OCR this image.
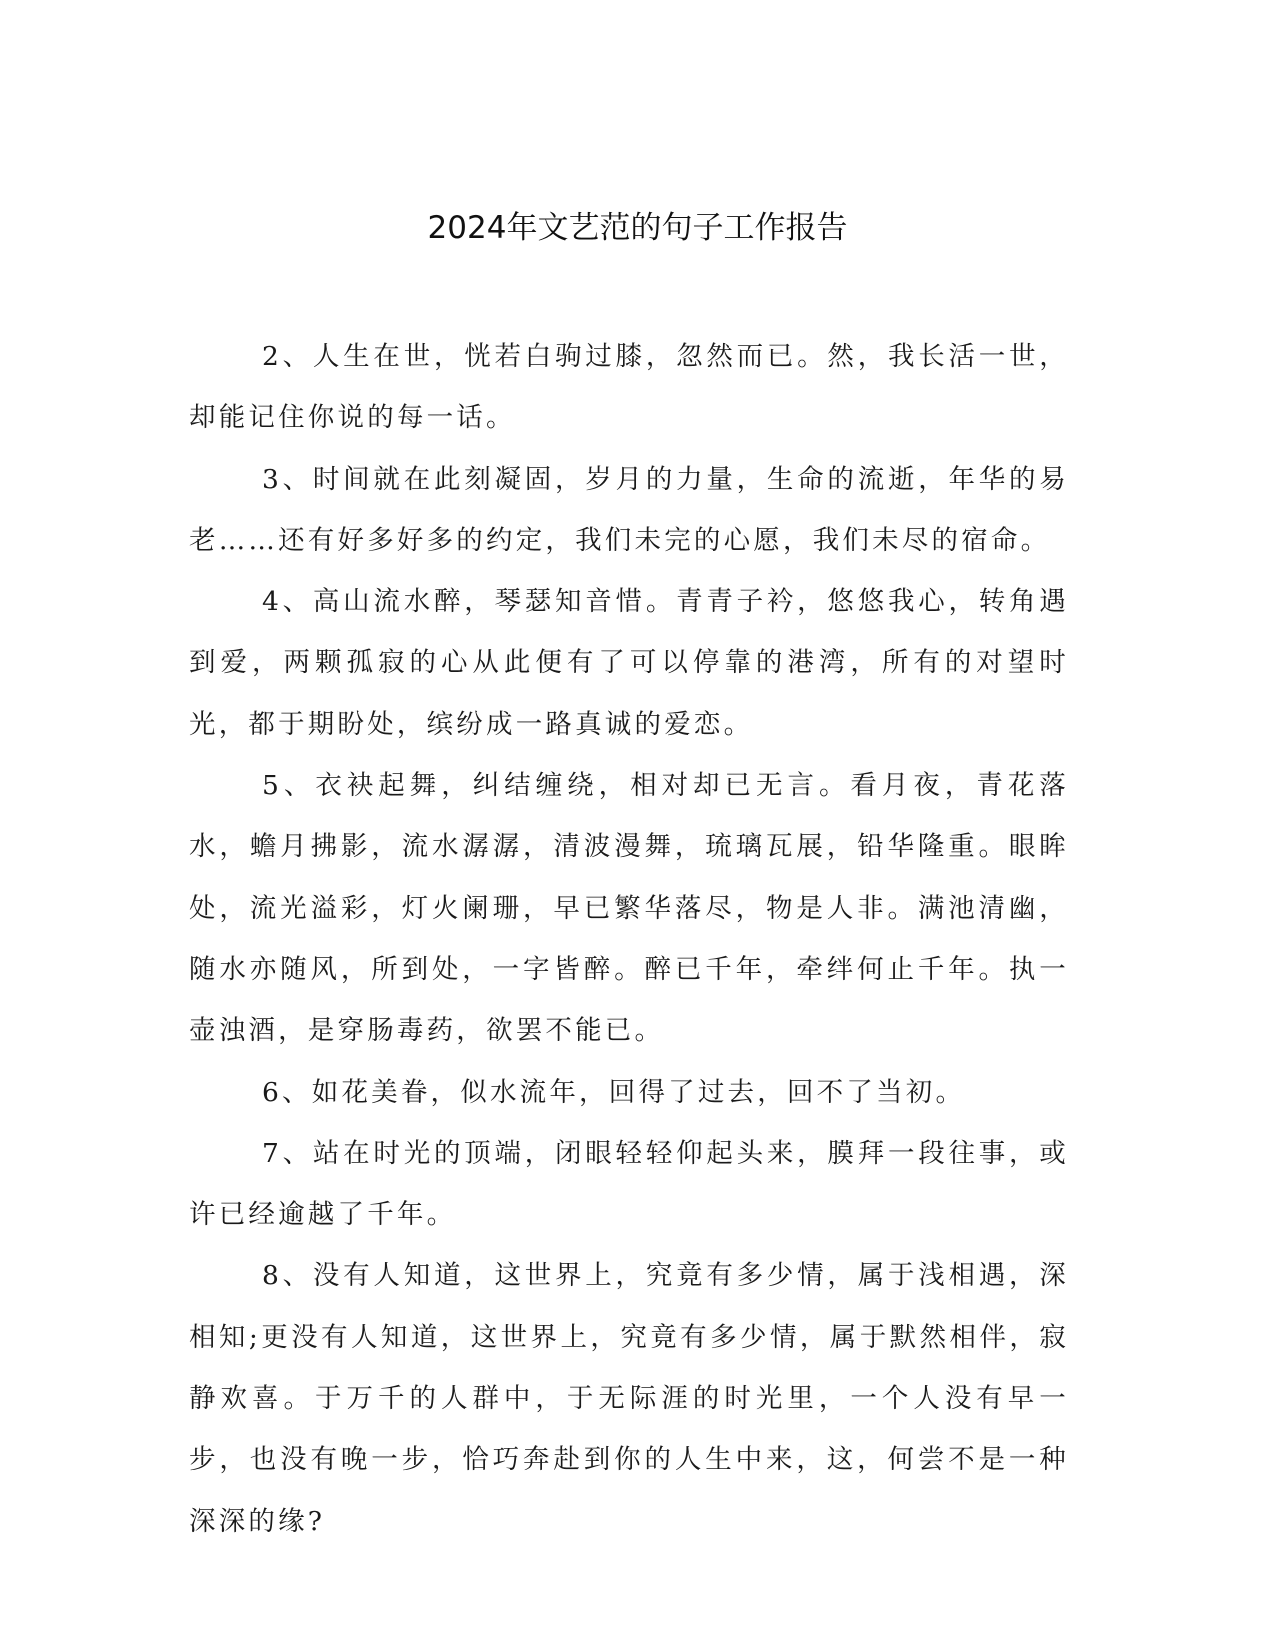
2024年文艺范的句子工作报告

2、人生在世，恍若白驹过膝，忽然而已。然，我长活一世，却能记住你说的每一话。

3、时间就在此刻凝固，岁月的力量，生命的流逝，年华的易老……还有好多好多的约定，我们未完的心愿，我们未尽的宿命。

4、高山流水醉，琴瑟知音惜。青青子衿，悠悠我心，转角遇到爱，两颗孤寂的心从此便有了可以停靠的港湾，所有的对望时光，都于期盼处，缤纷成一路真诚的爱恋。

5、衣袂起舞，纠结缠绕，相对却已无言。看月夜，青花落水，蟾月拂影，流水潺潺，清波漫舞，琉璃瓦展，铅华隆重。眼眸处，流光溢彩，灯火阑珊，早已繁华落尽，物是人非。满池清幽，随水亦随风，所到处，一字皆醉。醉已千年，牵绊何止千年。执一壶浊酒，是穿肠毒药，欲罢不能已。

6、如花美眷，似水流年，回得了过去，回不了当初。

7、站在时光的顶端，闭眼轻轻仰起头来，膜拜一段往事，或许已经逾越了千年。

8、没有人知道，这世界上，究竟有多少情，属于浅相遇，深相知;更没有人知道，这世界上，究竟有多少情，属于默然相伴，寂静欢喜。于万千的人群中，于无际涯的时光里，一个人没有早一步，也没有晚一步，恰巧奔赴到你的人生中来，这，何尝不是一种深深的缘?
